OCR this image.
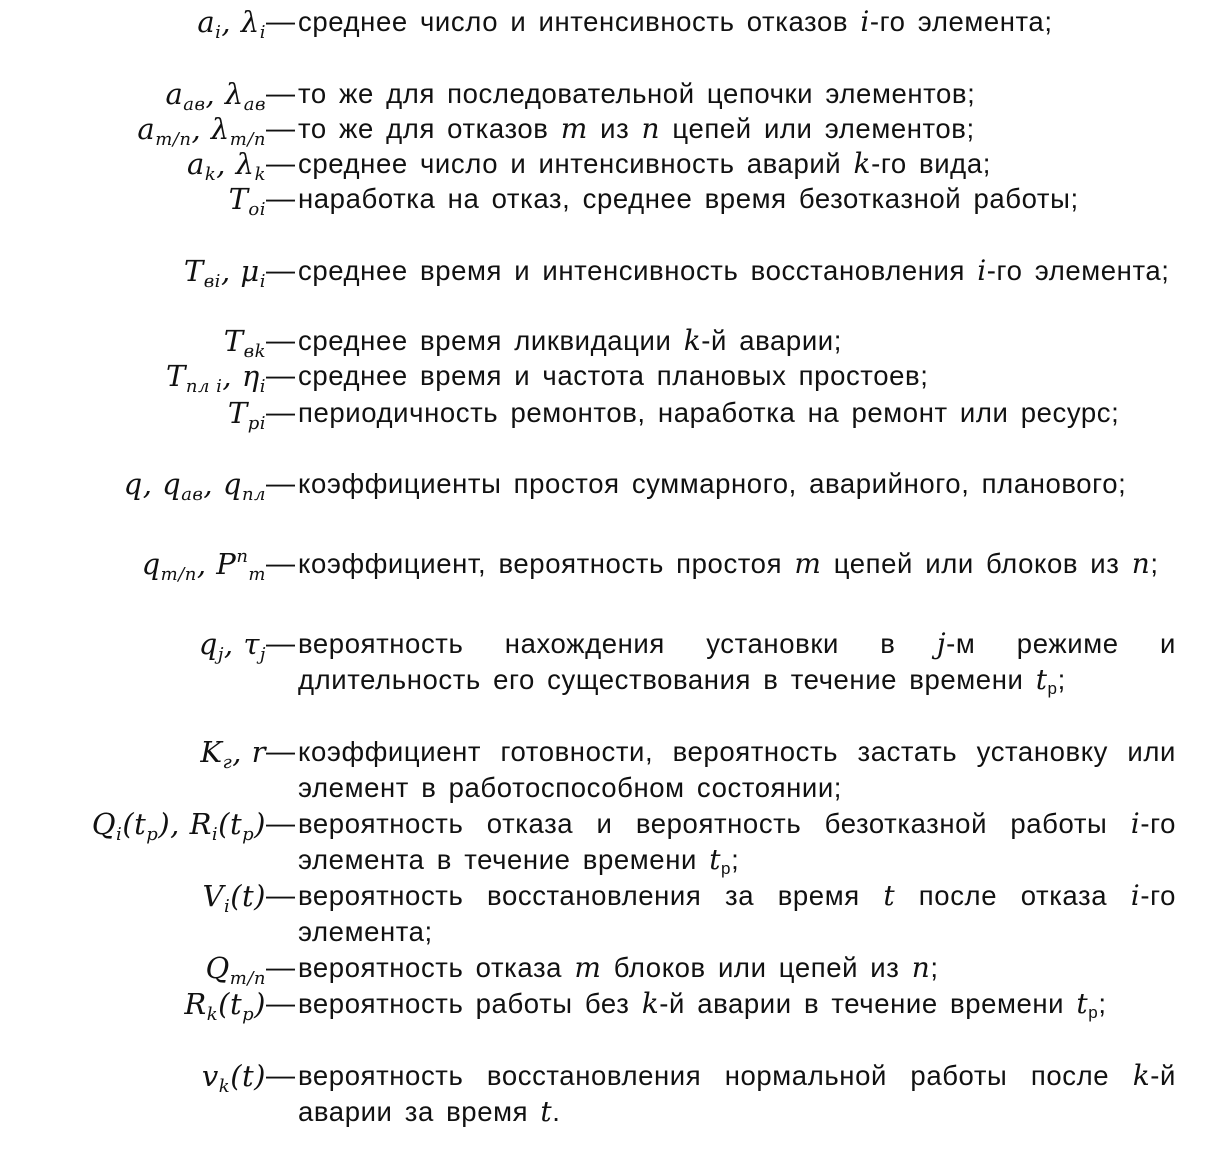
$a_i$, $\lambda_i$ — среднее число и интенсивность отказов i-го элемента;
$a_{ав}$, $\lambda_{ав}$ — то же для последовательной цепочки элементов;
$a_{m/n}$, $\lambda_{m/n}$ — то же для отказов m из n цепей или элементов;
$a_k$, $\lambda_k$ — среднее число и интенсивность аварий k-го вида;
$T_{oi}$ — наработка на отказ, среднее время безотказной работы;
$T_{вi}$, $\mu_i$ — среднее время и интенсивность восстановления i-го элемента;
$T_{вk}$ — среднее время ликвидации k-й аварии;
$T_{пл i}$, $\eta_i$ — среднее время и частота плановых простоев;
$T_{pi}$ — периодичность ремонтов, наработка на ремонт или ресурс;
q, $q_{ав}$, $q_{пл}$ — коэффициенты простоя суммарного, аварийного, планового;
$q_{m/n}$, $P^n_m$ — коэффициент, вероятность простоя m цепей или блоков из n;
$q_j$, $\tau_j$ — вероятность нахождения установки в j-м режиме и длительность его существования в течение времени $t_р$;
$K_г$, r — коэффициент готовности, вероятность застать установку или элемент в работоспособном состоянии;
$Q_i(t_р)$, $R_i(t_р)$ — вероятность отказа и вероятность безотказной работы i-го элемента в течение времени $t_р$;
$V_i(t)$ — вероятность восстановления за время t после отказа i-го элемента;
$Q_{m/n}$ — вероятность отказа m блоков или цепей из n;
$R_k(t_р)$ — вероятность работы без k-й аварии в течение времени $t_р$;
$v_k(t)$ — вероятность восстановления нормальной работы после k-й аварии за время t.
